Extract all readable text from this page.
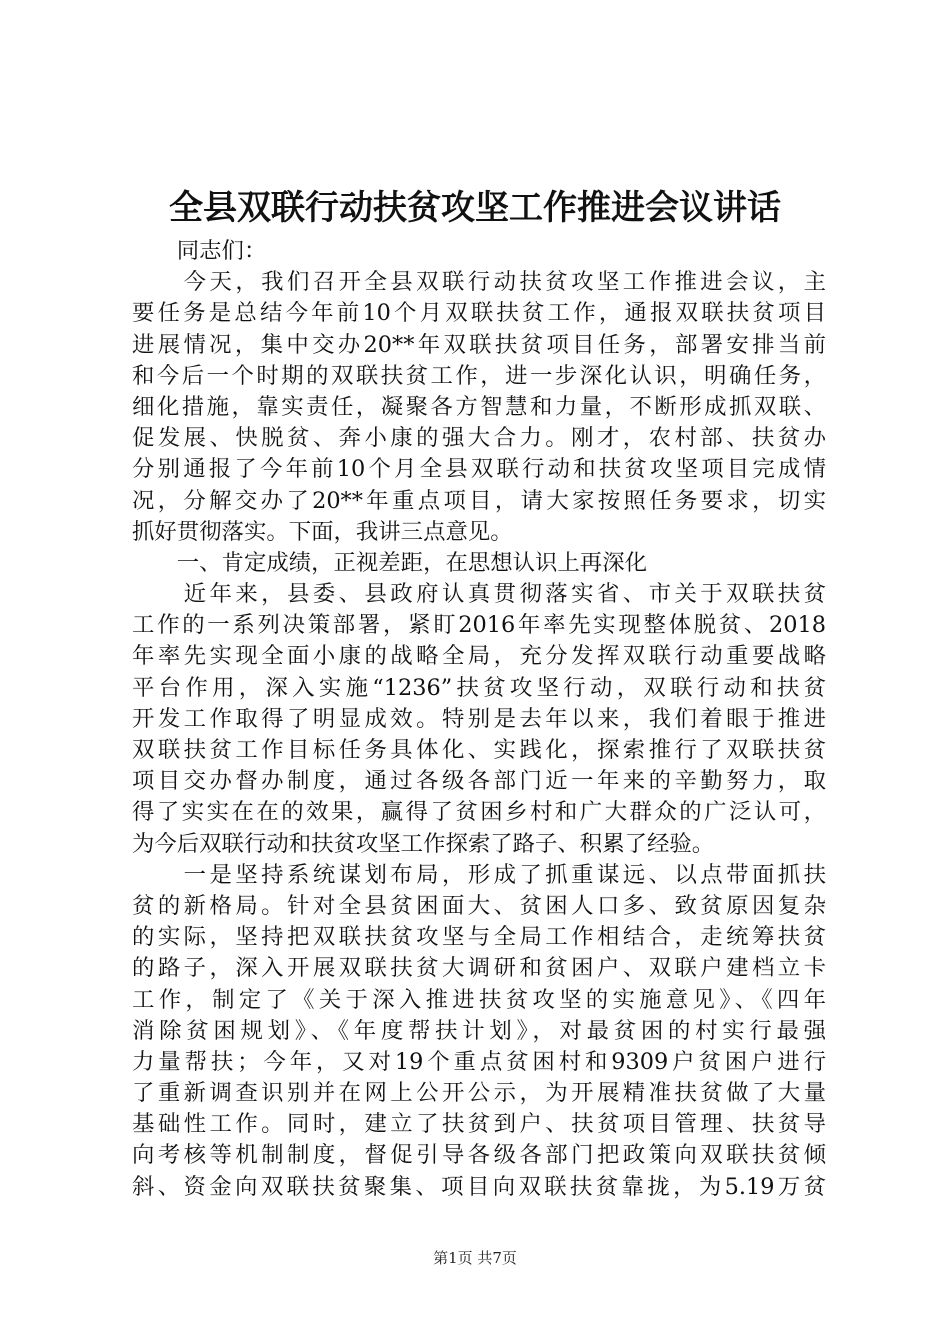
全县双联行动扶贫攻坚工作推进会议讲话
　　同志们：
　　今天，我们召开全县双联行动扶贫攻坚工作推进会议，主
要任务是总结今年前10个月双联扶贫工作，通报双联扶贫项目
进展情况，集中交办20**年双联扶贫项目任务，部署安排当前
和今后一个时期的双联扶贫工作，进一步深化认识，明确任务，
细化措施，靠实责任，凝聚各方智慧和力量，不断形成抓双联、
促发展、快脱贫、奔小康的强大合力。刚才，农村部、扶贫办
分别通报了今年前10个月全县双联行动和扶贫攻坚项目完成情
况，分解交办了20**年重点项目，请大家按照任务要求，切实
抓好贯彻落实。下面，我讲三点意见。
　　一、肯定成绩，正视差距，在思想认识上再深化
　　近年来，县委、县政府认真贯彻落实省、市关于双联扶贫
工作的一系列决策部署，紧盯2016年率先实现整体脱贫、2018
年率先实现全面小康的战略全局，充分发挥双联行动重要战略
平台作用，深入实施“1236”扶贫攻坚行动，双联行动和扶贫
开发工作取得了明显成效。特别是去年以来，我们着眼于推进
双联扶贫工作目标任务具体化、实践化，探索推行了双联扶贫
项目交办督办制度，通过各级各部门近一年来的辛勤努力，取
得了实实在在的效果，赢得了贫困乡村和广大群众的广泛认可，
为今后双联行动和扶贫攻坚工作探索了路子、积累了经验。
　　一是坚持系统谋划布局，形成了抓重谋远、以点带面抓扶
贫的新格局。针对全县贫困面大、贫困人口多、致贫原因复杂
的实际，坚持把双联扶贫攻坚与全局工作相结合，走统筹扶贫
的路子，深入开展双联扶贫大调研和贫困户、双联户建档立卡
工作，制定了《关于深入推进扶贫攻坚的实施意见》、《四年
消除贫困规划》、《年度帮扶计划》，对最贫困的村实行最强
力量帮扶；今年，又对19个重点贫困村和9309户贫困户进行
了重新调查识别并在网上公开公示，为开展精准扶贫做了大量
基础性工作。同时，建立了扶贫到户、扶贫项目管理、扶贫导
向考核等机制制度，督促引导各级各部门把政策向双联扶贫倾
斜、资金向双联扶贫聚集、项目向双联扶贫靠拢，为5.19万贫
第1页 共7页
